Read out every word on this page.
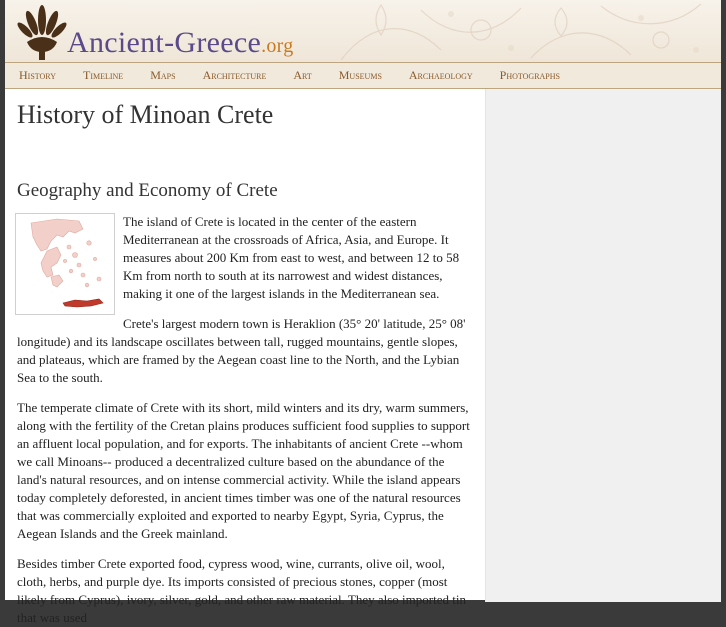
Ancient-Greece.org
History Timeline Maps Architecture Art Museums Archaeology Photographs
History of Minoan Crete
Geography and Economy of Crete

The island of Crete is located in the center of the eastern Mediterranean at the crossroads of Africa, Asia, and Europe. It measures about 200 Km from east to west, and between 12 to 58 Km from north to south at its narrowest and widest distances, making it one of the largest islands in the Mediterranean sea.

Crete's largest modern town is Heraklion (35° 20' latitude, 25° 08' longitude) and its landscape oscillates between tall, rugged mountains, gentle slopes, and plateaus, which are framed by the Aegean coast line to the North, and the Lybian Sea to the south.

The temperate climate of Crete with its short, mild winters and its dry, warm summers, along with the fertility of the Cretan plains produces sufficient food supplies to support an affluent local population, and for exports. The inhabitants of ancient Crete --whom we call Minoans-- produced a decentralized culture based on the abundance of the land's natural resources, and on intense commercial activity. While the island appears today completely deforested, in ancient times timber was one of the natural resources that was commercially exploited and exported to nearby Egypt, Syria, Cyprus, the Aegean Islands and the Greek mainland.

Besides timber Crete exported food, cypress wood, wine, currants, olive oil, wool, cloth, herbs, and purple dye. Its imports consisted of precious stones, copper (most likely from Cyprus), ivory, silver, gold, and other raw material. They also imported tin that was used
